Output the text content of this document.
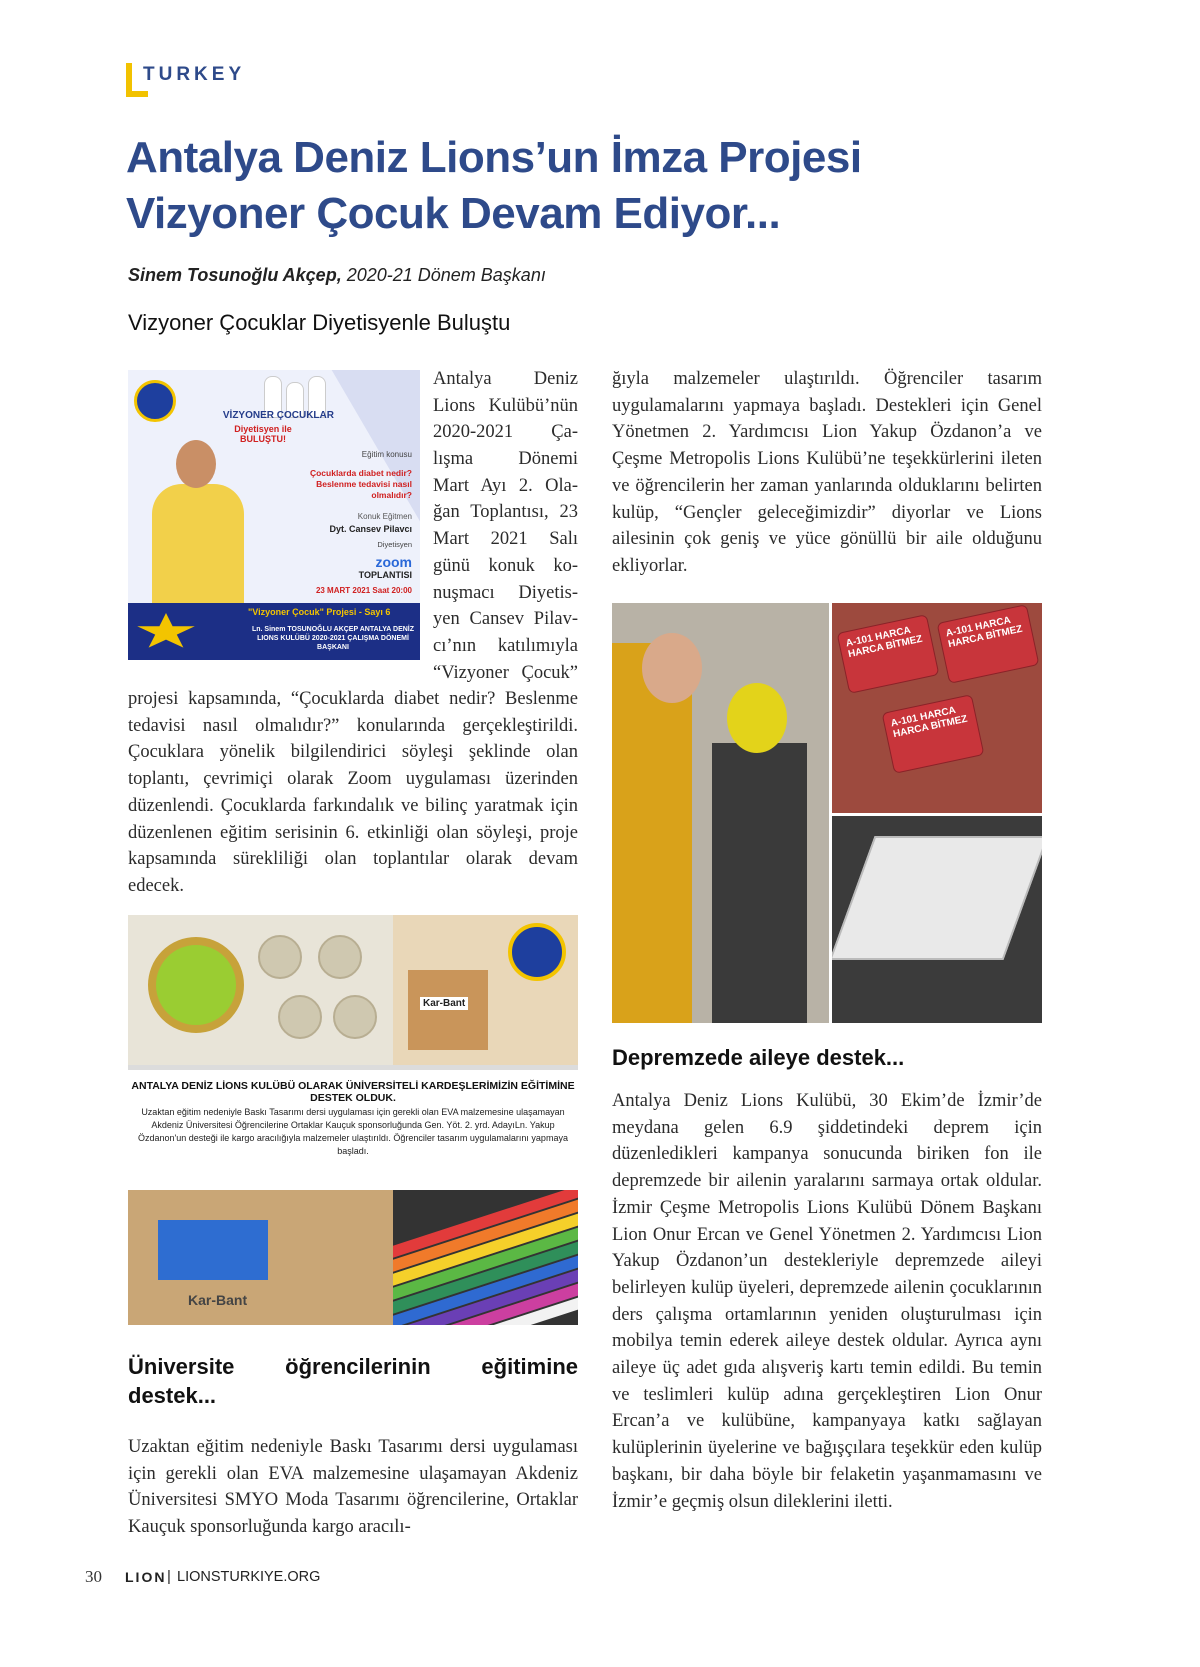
TURKEY
Antalya Deniz Lions’un İmza Projesi
Vizyoner Çocuk Devam Ediyor...
Sinem Tosunoğlu Akçep, 2020-21 Dönem Başkanı
Vizyoner Çocuklar Diyetisyenle Buluştu
VİZYONER ÇOCUKLAR
Diyetisyen ile BULUŞTU!
Eğitim konusu
Çocuklarda diabet nedir? Beslenme tedavisi nasıl olmalıdır?
Konuk Eğitmen
Dyt. Cansev Pilavcı
Diyetisyen
zoom
TOPLANTISI
23 MART 2021 Saat 20:00
"Vizyoner Çocuk" Projesi - Sayı 6
Ln. Sinem TOSUNOĞLU AKÇEP ANTALYA DENİZ LIONS KULÜBÜ 2020-2021 ÇALIŞMA DÖNEMİ BAŞKANI
Antalya Deniz
Lions Kulübü’nün
2020-2021 Ça-
lışma Dönemi
Mart Ayı 2. Ola-
ğan Toplantısı, 23
Mart 2021 Salı
günü konuk ko-
nuşmacı Diyetis-
yen Cansev Pilav-
cı’nın katılımıyla
“Vizyoner Çocuk”

projesi kapsamında, “Çocuklarda diabet nedir? Beslenme tedavisi nasıl olmalıdır?” konularında gerçekleştirildi. Çocuklara yönelik bilgilendirici söyleşi şeklinde olan toplantı, çevrimiçi olarak Zoom uygulaması üzerinden düzenlendi. Çocuklarda farkındalık ve bilinç yaratmak için düzenlenen eğitim serisinin 6. etkinliği olan söyleşi, proje kapsamında sürekliliği olan toplantılar olarak devam edecek.

Kar-Bant
ANTALYA DENİZ LİONS KULÜBÜ OLARAK ÜNİVERSİTELİ KARDEŞLERİMİZİN EĞİTİMİNE DESTEK OLDUK.
Uzaktan eğitim nedeniyle Baskı Tasarımı dersi uygulaması için gerekli olan EVA malzemesine ulaşamayan Akdeniz Üniversitesi Öğrencilerine Ortaklar Kauçuk sponsorluğunda Gen. Yöt. 2. yrd. AdayıLn. Yakup Özdanon'un desteği ile kargo aracılığıyla malzemeler ulaştırıldı. Öğrenciler tasarım uygulamalarını yapmaya başladı.
Kar-Bant
Üniversite öğrencilerinin eğitimine destek...

Uzaktan eğitim nedeniyle Baskı Tasarımı dersi uygulaması için gerekli olan EVA malzemesine ulaşamayan Akdeniz Üniversitesi SMYO Moda Tasarımı öğrencilerine, Ortaklar Kauçuk sponsorluğunda kargo aracılı-

ğıyla malzemeler ulaştırıldı. Öğrenciler tasarım uygulamalarını yapmaya başladı. Destekleri için Genel Yönetmen 2. Yardımcısı Lion Yakup Özdanon’a ve Çeşme Metropolis Lions Kulübü’ne teşekkürlerini ileten ve öğrencilerin her zaman yanlarında olduklarını belirten kulüp, “Gençler geleceğimizdir” diyorlar ve Lions ailesinin çok geniş ve yüce gönüllü bir aile olduğunu ekliyorlar.

A-101 HARCA HARCA BİTMEZ
A-101 HARCA HARCA BİTMEZ
A-101 HARCA HARCA BİTMEZ
Depremzede aileye destek...

Antalya Deniz Lions Kulübü, 30 Ekim’de İzmir’de meydana gelen 6.9 şiddetindeki deprem için düzenledikleri kampanya sonucunda biriken fon ile depremzede bir ailenin yaralarını sarmaya ortak oldular. İzmir Çeşme Metropolis Lions Kulübü Dönem Başkanı Lion Onur Ercan ve Genel Yönetmen 2. Yardımcısı Lion Yakup Özdanon’un destekleriyle depremzede aileyi belirleyen kulüp üyeleri, depremzede ailenin çocuklarının ders çalışma ortamlarının yeniden oluşturulması için mobilya temin ederek aileye destek oldular. Ayrıca aynı aileye üç adet gıda alışveriş kartı temin edildi. Bu temin ve teslimleri kulüp adına gerçekleştiren Lion Onur Ercan’a ve kulübüne, kampanyaya katkı sağlayan kulüplerinin üyelerine ve bağışçılara teşekkür eden kulüp başkanı, bir daha böyle bir felaketin yaşanmamasını ve İzmir’e geçmiş olsun dileklerini iletti.

30 LION | LIONSTURKIYE.ORG
